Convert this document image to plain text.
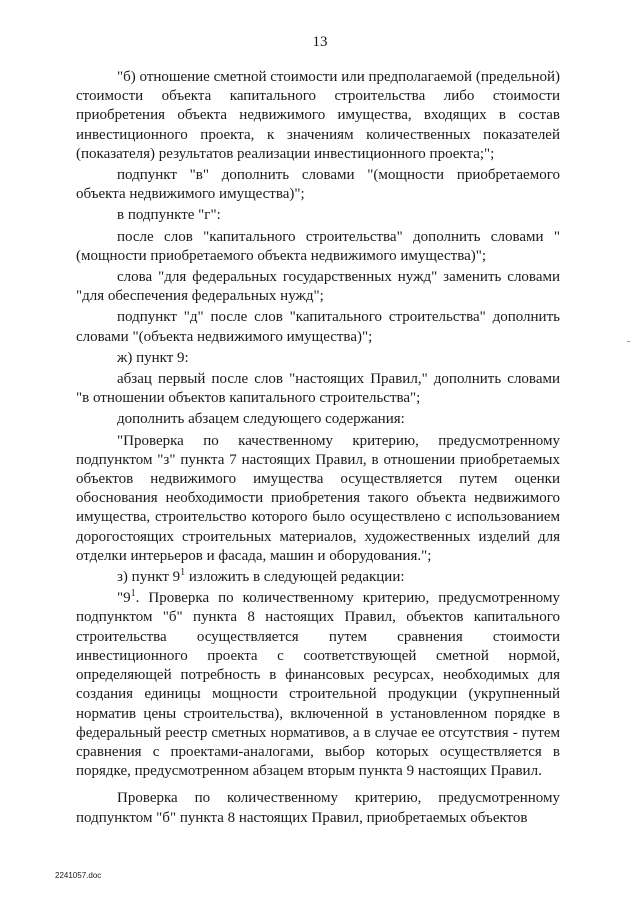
13

"б) отношение сметной стоимости или предполагаемой (предельной) стоимости объекта капитального строительства либо стоимости приобретения объекта недвижимого имущества, входящих в состав инвестиционного проекта, к значениям количественных показателей (показателя) результатов реализации инвестиционного проекта;";

подпункт "в" дополнить словами "(мощности приобретаемого объекта недвижимого имущества)";

в подпункте "г":

после слов "капитального строительства" дополнить словами "(мощности приобретаемого объекта недвижимого имущества)";

слова "для федеральных государственных нужд" заменить словами "для обеспечения федеральных нужд";

подпункт "д" после слов "капитального строительства" дополнить словами "(объекта недвижимого имущества)";

ж) пункт 9:

абзац первый после слов "настоящих Правил," дополнить словами "в отношении объектов капитального строительства";

дополнить абзацем следующего содержания:

"Проверка по качественному критерию, предусмотренному подпунктом "з" пункта 7 настоящих Правил, в отношении приобретаемых объектов недвижимого имущества осуществляется путем оценки обоснования необходимости приобретения такого объекта недвижимого имущества, строительство которого было осуществлено с использованием дорогостоящих строительных материалов, художественных изделий для отделки интерьеров и фасада, машин и оборудования.";

з) пункт $9^1$ изложить в следующей редакции:

"$9^1$. Проверка по количественному критерию, предусмотренному подпунктом "б" пункта 8 настоящих Правил, объектов капитального строительства осуществляется путем сравнения стоимости инвестиционного проекта с соответствующей сметной нормой, определяющей потребность в финансовых ресурсах, необходимых для создания единицы мощности строительной продукции (укрупненный норматив цены строительства), включенной в установленном порядке в федеральный реестр сметных нормативов, а в случае ее отсутствия - путем сравнения с проектами-аналогами, выбор которых осуществляется в порядке, предусмотренном абзацем вторым пункта 9 настоящих Правил.

Проверка по количественному критерию, предусмотренному подпунктом "б" пункта 8 настоящих Правил, приобретаемых объектов

2241057.doc
-
